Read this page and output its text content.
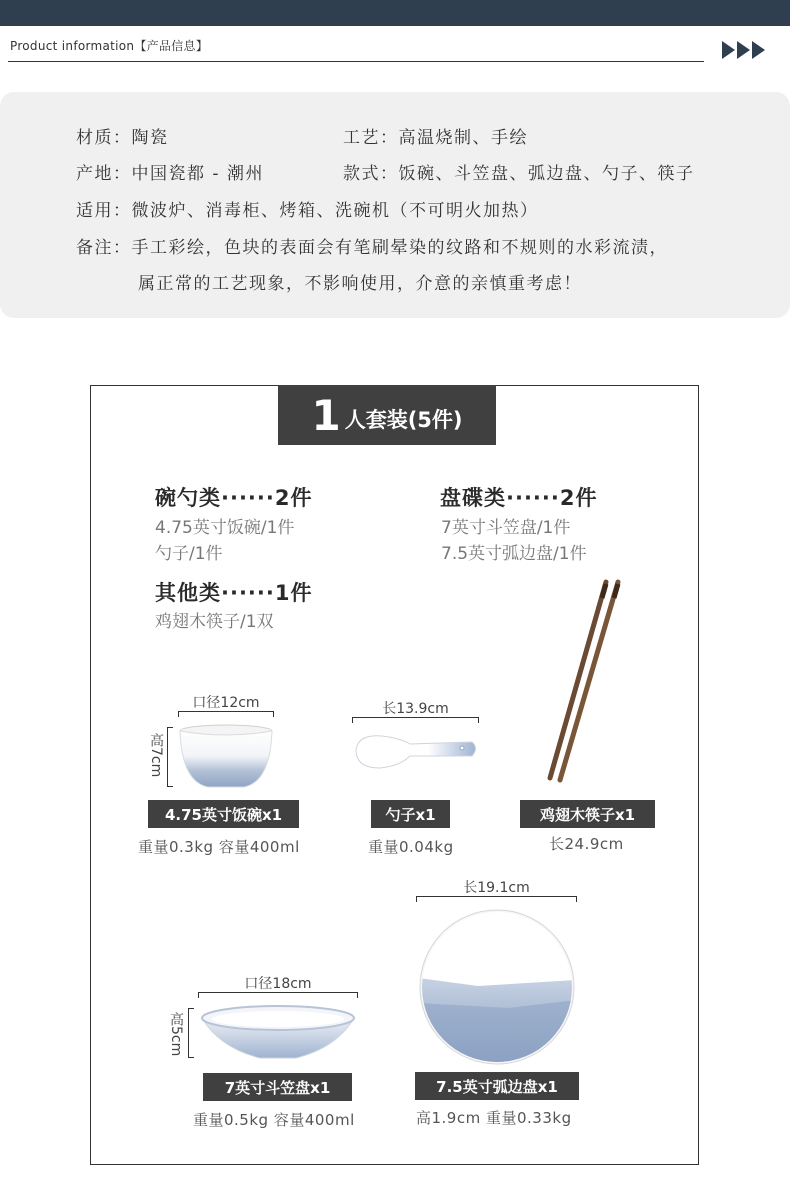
Product information【产品信息】
材质：陶瓷	工艺：高温烧制、手绘
产地：中国瓷都 - 潮州	款式：饭碗、斗笠盘、弧边盘、勺子、筷子
适用：微波炉、消毒柜、烤箱、洗碗机（不可明火加热）
备注：手工彩绘，色块的表面会有笔刷晕染的纹路和不规则的水彩流渍，
属正常的工艺现象，不影响使用，介意的亲慎重考虑！
1 人套装(5件)
碗勺类······2件
4.75英寸饭碗/1件
勺子/1件
盘碟类······2件
7英寸斗笠盘/1件
7.5英寸弧边盘/1件
其他类······1件
鸡翅木筷子/1双
口径12cm
高7cm
4.75英寸饭碗x1
重量0.3kg 容量400ml
长13.9cm
勺子x1
重量0.04kg
鸡翅木筷子x1
长24.9cm
长19.1cm
7.5英寸弧边盘x1
高1.9cm 重量0.33kg
口径18cm
高5cm
7英寸斗笠盘x1
重量0.5kg 容量400ml
